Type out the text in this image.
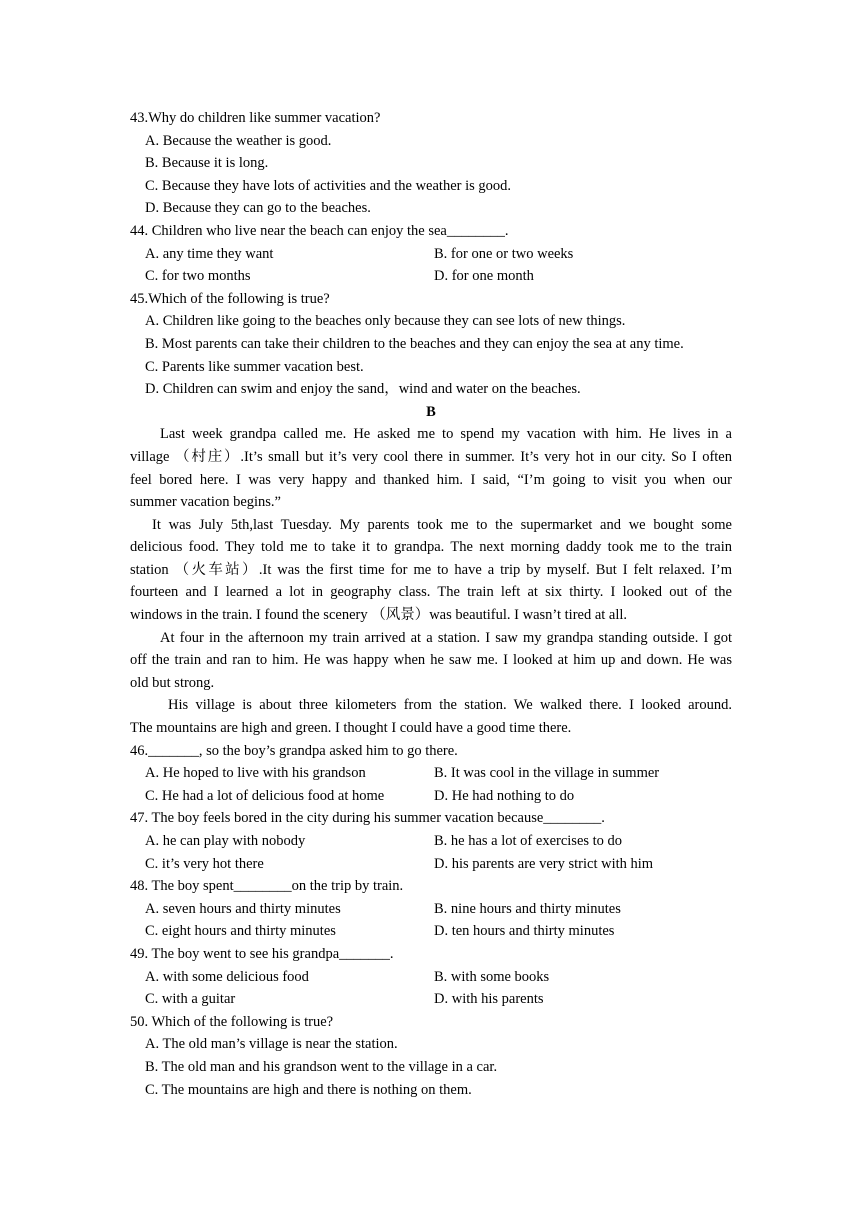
43.Why do children like summer vacation?
A. Because the weather is good.
B. Because it is long.
C. Because they have lots of activities and the weather is good.
D. Because they can go to the beaches.
44. Children who live near the beach can enjoy the sea________.
A. any time they want	B. for one or two weeks
C. for two months	D. for one month
45.Which of the following is true?
A. Children like going to the beaches only because they can see lots of new things.
B. Most parents can take their children to the beaches and they can enjoy the sea at any time.
C. Parents like summer vacation best.
D. Children can swim and enjoy the sand，wind and water on the beaches.
B
Last week grandpa called me. He asked me to spend my vacation with him. He lives in a
village （村庄）.It’s small but it’s very cool there in summer. It’s very hot in our city. So I often
feel bored here. I was very happy and thanked him. I said, “I’m going to visit you when our
summer vacation begins.”
It was July 5th,last Tuesday. My parents took me to the supermarket and we bought some
delicious food. They told me to take it to grandpa. The next morning daddy took me to the train
station （火车站）.It was the first time for me to have a trip by myself. But I felt relaxed. I’m
fourteen and I learned a lot in geography class. The train left at six thirty. I looked out of the
windows in the train. I found the scenery （风景）was beautiful. I wasn’t tired at all.
At four in the afternoon my train arrived at a station. I saw my grandpa standing outside. I got
off the train and ran to him. He was happy when he saw me. I looked at him up and down. He was
old but strong.
His village is about three kilometers from the station. We walked there. I looked around.
The mountains are high and green. I thought I could have a good time there.
46._______, so the boy’s grandpa asked him to go there.
A. He hoped to live with his grandson	B. It was cool in the village in summer
C. He had a lot of delicious food at home	D. He had nothing to do
47. The boy feels bored in the city during his summer vacation because________.
A. he can play with nobody	B. he has a lot of exercises to do
C. it’s very hot there	D. his parents are very strict with him
48. The boy spent________on the trip by train.
A. seven hours and thirty minutes	B. nine hours and thirty minutes
C. eight hours and thirty minutes	D. ten hours and thirty minutes
49. The boy went to see his grandpa_______.
A. with some delicious food	B. with some books
C. with a guitar	D. with his parents
50. Which of the following is true?
A. The old man’s village is near the station.
B. The old man and his grandson went to the village in a car.
C. The mountains are high and there is nothing on them.
